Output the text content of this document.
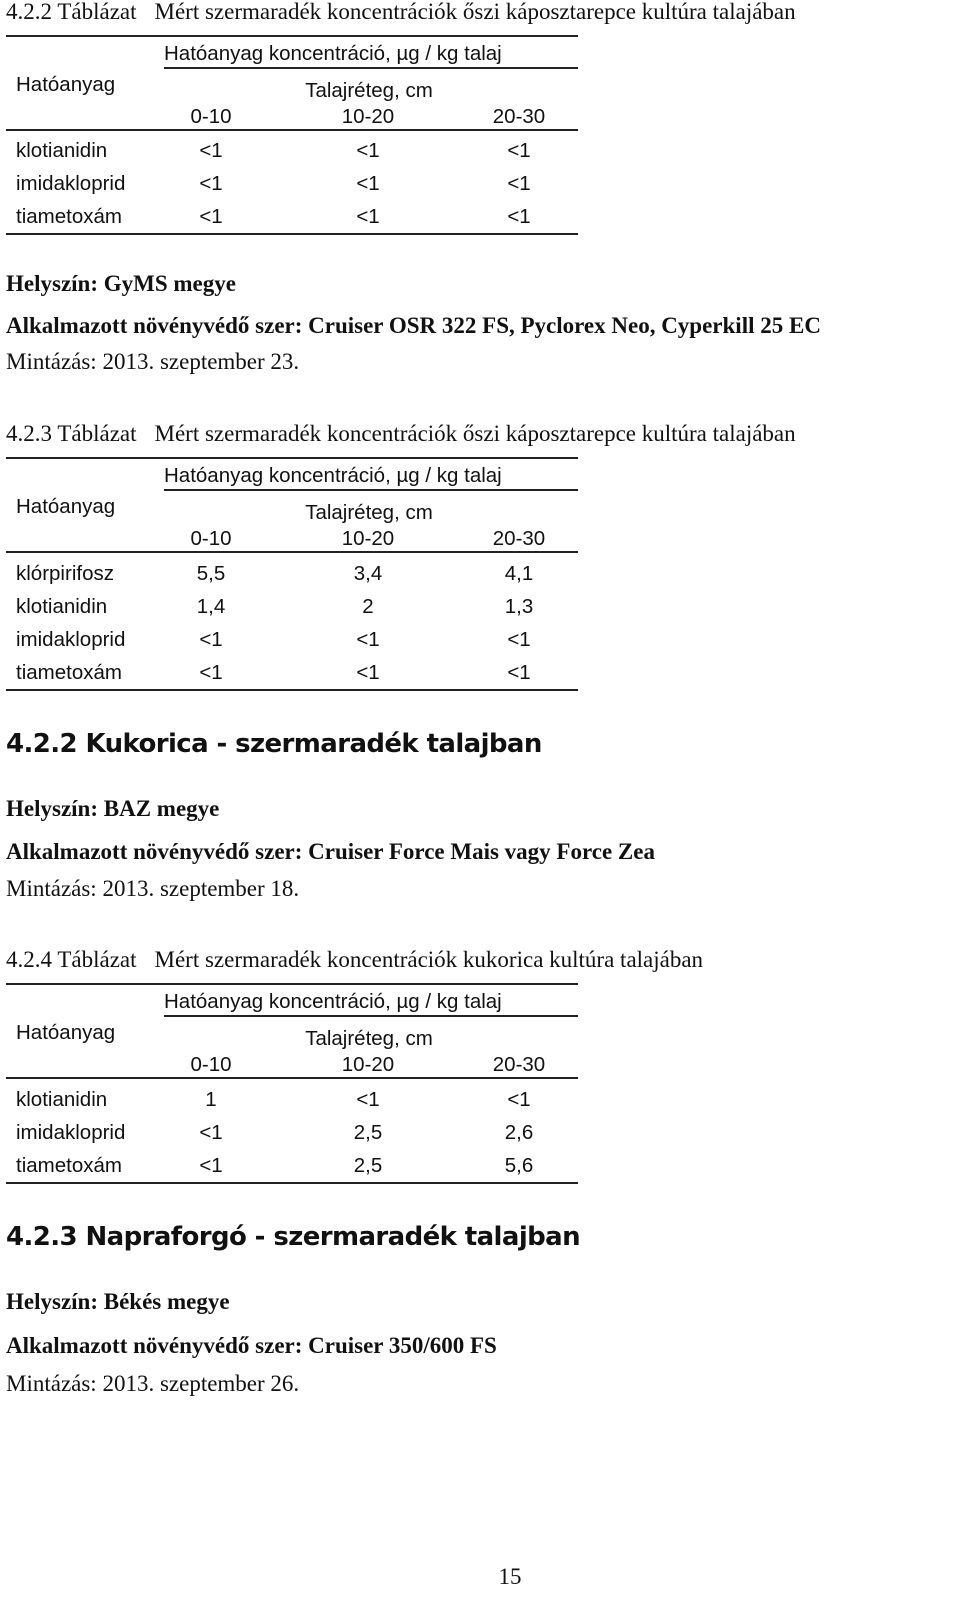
4.2.2 Táblázat Mért szermaradék koncentrációk őszi káposztarepce kultúra talajában
Hatóanyag koncentráció, µg / kg talaj
Hatóanyag	Talajréteg, cm
0-10	10-20	20-30
klotianidin	<1	<1	<1
imidakloprid	<1	<1	<1
tiametoxám	<1	<1	<1
Helyszín: GyMS megye
Alkalmazott növényvédő szer: Cruiser OSR 322 FS, Pyclorex Neo, Cyperkill 25 EC
Mintázás: 2013. szeptember 23.
4.2.3 Táblázat Mért szermaradék koncentrációk őszi káposztarepce kultúra talajában
Hatóanyag koncentráció, µg / kg talaj
Hatóanyag	Talajréteg, cm
0-10	10-20	20-30
klórpirifosz	5,5	3,4	4,1
klotianidin	1,4	2	1,3
imidakloprid	<1	<1	<1
tiametoxám	<1	<1	<1
4.2.2 Kukorica - szermaradék talajban
Helyszín: BAZ megye
Alkalmazott növényvédő szer: Cruiser Force Mais vagy Force Zea
Mintázás: 2013. szeptember 18.
4.2.4 Táblázat Mért szermaradék koncentrációk kukorica kultúra talajában
Hatóanyag koncentráció, µg / kg talaj
Hatóanyag	Talajréteg, cm
0-10	10-20	20-30
klotianidin	1	<1	<1
imidakloprid	<1	2,5	2,6
tiametoxám	<1	2,5	5,6
4.2.3 Napraforgó - szermaradék talajban
Helyszín: Békés megye
Alkalmazott növényvédő szer: Cruiser 350/600 FS
Mintázás: 2013. szeptember 26.
15
